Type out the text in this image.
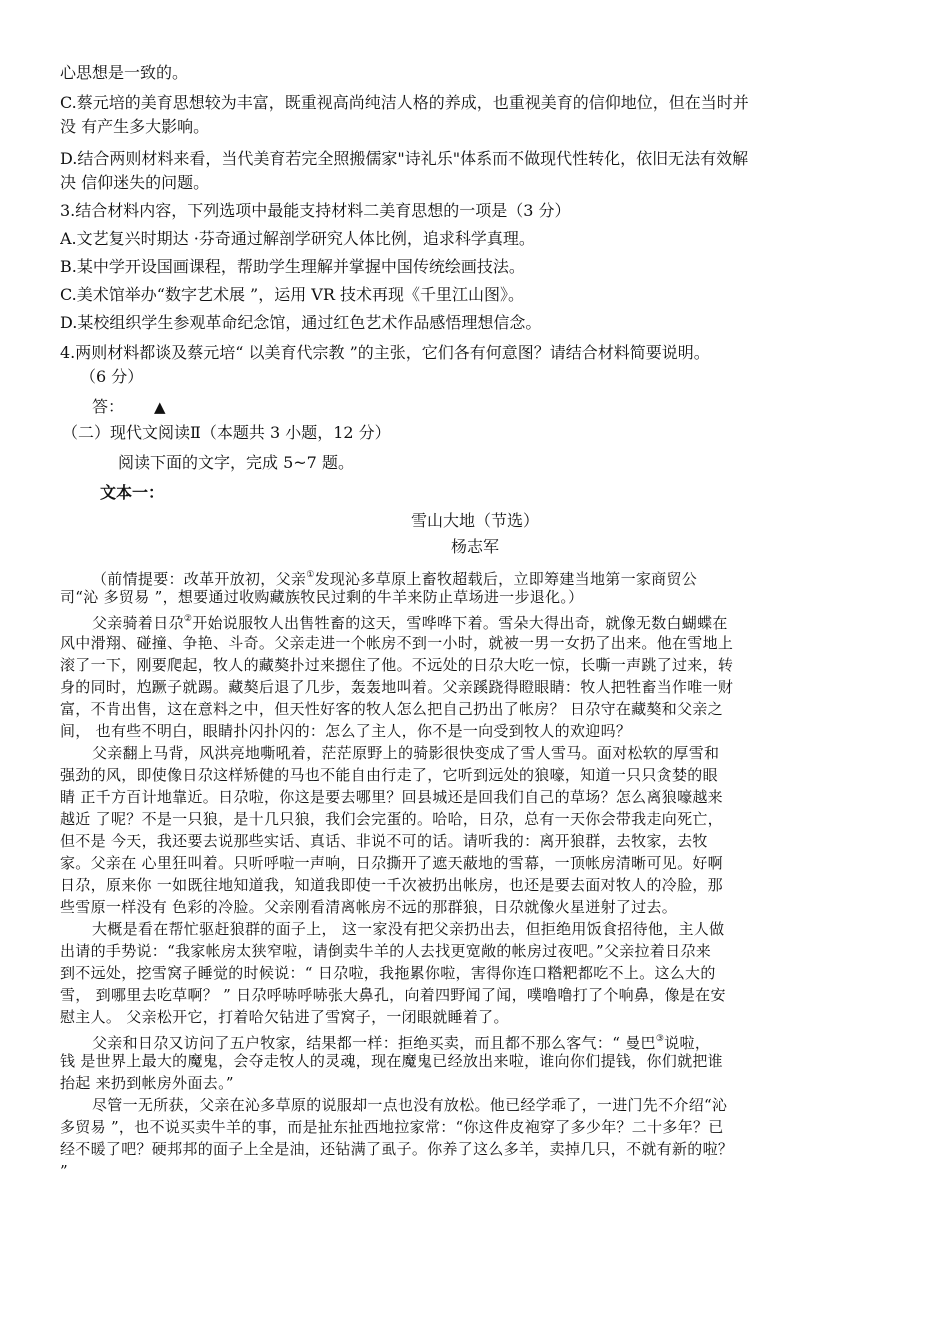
心思想是一致的。
C.蔡元培的美育思想较为丰富，既重视高尚纯洁人格的养成，也重视美育的信仰地位，但在当时并
没 有产生多大影响。
D.结合两则材料来看，当代美育若完全照搬儒家"诗礼乐"体系而不做现代性转化，依旧无法有效解
决 信仰迷失的问题。
3.结合材料内容，下列选项中最能支持材料二美育思想的一项是（3 分）
A.文艺复兴时期达 ·芬奇通过解剖学研究人体比例，追求科学真理。
B.某中学开设国画课程，帮助学生理解并掌握中国传统绘画技法。
C.美术馆举办“数字艺术展 ”，运用 VR 技术再现《千里江山图》。
D.某校组织学生参观革命纪念馆，通过红色艺术作品感悟理想信念。
4.两则材料都谈及蔡元培“ 以美育代宗教 ”的主张，它们各有何意图？请结合材料简要说明。
（6 分）
答： ▲
（二）现代文阅读Ⅱ（本题共 3 小题，12 分）
阅读下面的文字，完成 5~7 题。
文本一：
雪山大地（节选）
杨志军
（前情提要：改革开放初，父亲①发现沁多草原上畜牧超载后，立即筹建当地第一家商贸公
司“沁 多贸易 ”，想要通过收购藏族牧民过剩的牛羊来防止草场进一步退化。）
父亲骑着日尕②开始说服牧人出售牲畜的这天，雪哗哗下着。雪朵大得出奇，就像无数白蝴蝶在
风中滑翔、碰撞、争艳、斗奇。父亲走进一个帐房不到一小时，就被一男一女扔了出来。他在雪地上
滚了一下，刚要爬起，牧人的藏獒扑过来摁住了他。不远处的日尕大吃一惊，长嘶一声跳了过来，转
身的同时，尥蹶子就踢。藏獒后退了几步，轰轰地叫着。父亲蹊跷得瞪眼睛：牧人把牲畜当作唯一财
富，不肯出售，这在意料之中，但天性好客的牧人怎么把自己扔出了帐房？ 日尕守在藏獒和父亲之
间， 也有些不明白，眼睛扑闪扑闪的：怎么了主人，你不是一向受到牧人的欢迎吗？
父亲翻上马背，风洪亮地嘶吼着，茫茫原野上的骑影很快变成了雪人雪马。面对松软的厚雪和
强劲的风，即使像日尕这样矫健的马也不能自由行走了，它听到远处的狼嚎，知道一只只贪婪的眼
睛 正千方百计地靠近。日尕啦，你这是要去哪里？回县城还是回我们自己的草场？怎么离狼嚎越来
越近 了呢？不是一只狼，是十几只狼，我们会完蛋的。哈哈，日尕，总有一天你会带我走向死亡，
但不是 今天，我还要去说那些实话、真话、非说不可的话。请听我的：离开狼群，去牧家，去牧
家。父亲在 心里狂叫着。只听呼啦一声响，日尕撕开了遮天蔽地的雪幕，一顶帐房清晰可见。好啊
日尕，原来你 一如既往地知道我，知道我即使一千次被扔出帐房，也还是要去面对牧人的冷脸，那
些雪原一样没有 色彩的冷脸。父亲刚看清离帐房不远的那群狼，日尕就像火星迸射了过去。
大概是看在帮忙驱赶狼群的面子上， 这一家没有把父亲扔出去，但拒绝用饭食招待他，主人做
出请的手势说：“我家帐房太狭窄啦，请倒卖牛羊的人去找更宽敞的帐房过夜吧。”父亲拉着日尕来
到不远处，挖雪窝子睡觉的时候说：“ 日尕啦，我拖累你啦，害得你连口糌粑都吃不上。这么大的
雪， 到哪里去吃草啊？ ” 日尕呼哧呼哧张大鼻孔，向着四野闻了闻，噗噜噜打了个响鼻，像是在安
慰主人。 父亲松开它，打着哈欠钻进了雪窝子，一闭眼就睡着了。
父亲和日尕又访问了五户牧家，结果都一样：拒绝买卖，而且都不那么客气：“ 曼巴③说啦，
钱 是世界上最大的魔鬼，会夺走牧人的灵魂，现在魔鬼已经放出来啦，谁向你们提钱，你们就把谁
抬起 来扔到帐房外面去。”
尽管一无所获，父亲在沁多草原的说服却一点也没有放松。他已经学乖了，一进门先不介绍“沁
多贸易 ”，也不说买卖牛羊的事，而是扯东扯西地拉家常：“你这件皮袍穿了多少年？二十多年？已
经不暖了吧？硬邦邦的面子上全是油，还钻满了虱子。你养了这么多羊，卖掉几只，不就有新的啦？
”
